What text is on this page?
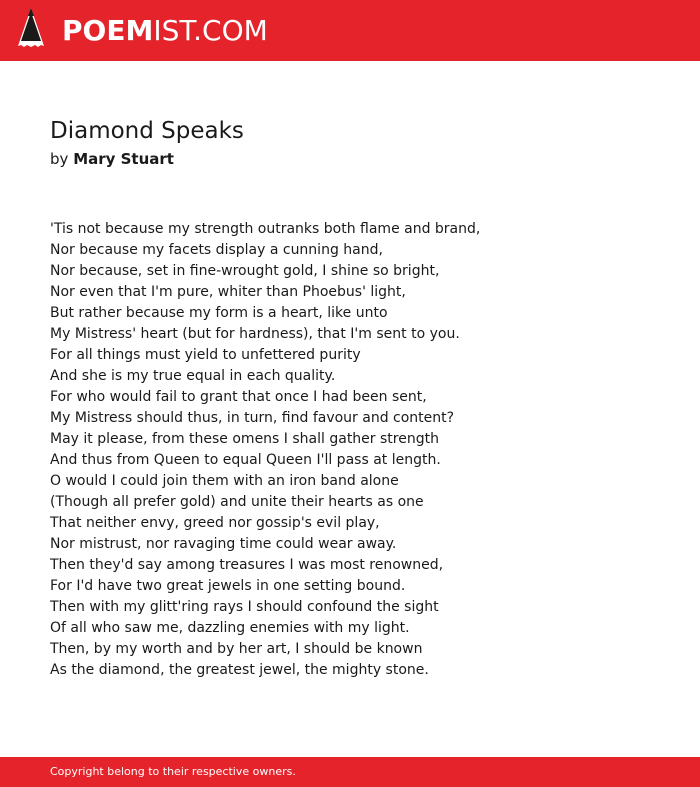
POEMIST.COM
Diamond Speaks
by Mary Stuart
'Tis not because my strength outranks both flame and brand,
Nor because my facets display a cunning hand,
Nor because, set in fine-wrought gold, I shine so bright,
Nor even that I'm pure, whiter than Phoebus' light,
But rather because my form is a heart, like unto
My Mistress' heart (but for hardness), that I'm sent to you.
For all things must yield to unfettered purity
And she is my true equal in each quality.
For who would fail to grant that once I had been sent,
My Mistress should thus, in turn, find favour and content?
May it please, from these omens I shall gather strength
And thus from Queen to equal Queen I'll pass at length.
O would I could join them with an iron band alone
(Though all prefer gold) and unite their hearts as one
That neither envy, greed nor gossip's evil play,
Nor mistrust, nor ravaging time could wear away.
Then they'd say among treasures I was most renowned,
For I'd have two great jewels in one setting bound.
Then with my glitt'ring rays I should confound the sight
Of all who saw me, dazzling enemies with my light.
Then, by my worth and by her art, I should be known
As the diamond, the greatest jewel, the mighty stone.
Copyright belong to their respective owners.
